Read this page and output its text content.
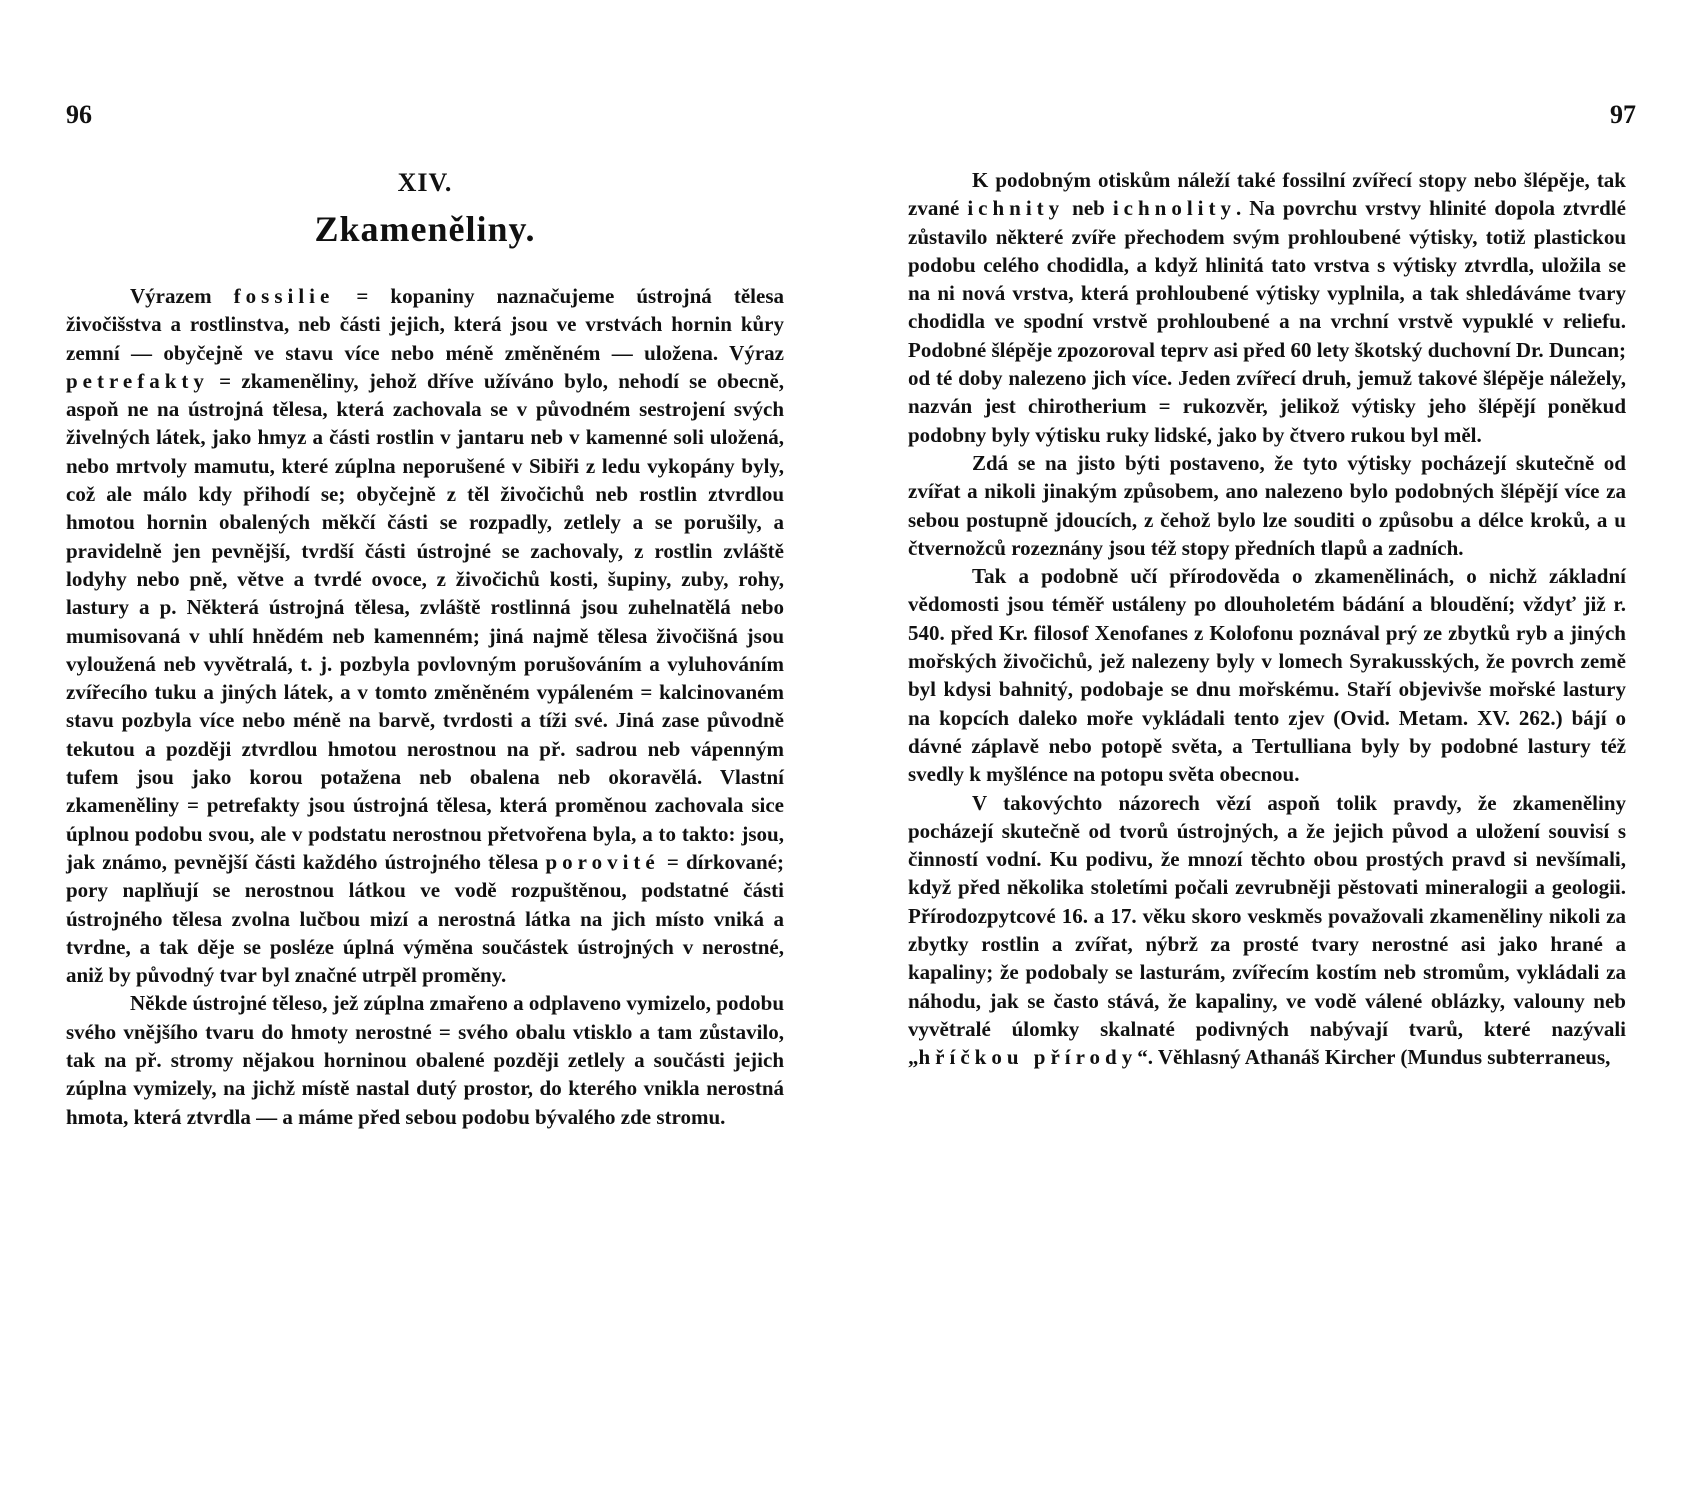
96
XIV.
Zkameněliny.

Výrazem fossilie = kopaniny naznačujeme ústrojná tělesa živočišstva a rostlinstva, neb části jejich, která jsou ve vrstvách hornin kůry zemní — obyčejně ve stavu více nebo méně změněném — uložena. Výraz petrefakty = zkameněliny, jehož dříve užíváno bylo, nehodí se obecně, aspoň ne na ústrojná tělesa, která zachovala se v původném sestrojení svých živelných látek, jako hmyz a části rostlin v jantaru neb v kamenné soli uložená, nebo mrtvoly mamutu, které zúplna neporušené v Sibiři z ledu vykopány byly, což ale málo kdy přihodí se; obyčejně z těl živočichů neb rostlin ztvrdlou hmotou hornin obalených měkčí části se rozpadly, zetlely a se porušily, a pravidelně jen pevnější, tvrdší části ústrojné se zachovaly, z rostlin zvláště lodyhy nebo pně, větve a tvrdé ovoce, z živočichů kosti, šupiny, zuby, rohy, lastury a p. Některá ústrojná tělesa, zvláště rostlinná jsou zuhelnatělá nebo mumisovaná v uhlí hnědém neb kamenném; jiná najmě tělesa živočišná jsou vyloužená neb vyvětralá, t. j. pozbyla povlovným porušováním a vyluhováním zvířecího tuku a jiných látek, a v tomto změněném vypáleném = kalcinovaném stavu pozbyla více nebo méně na barvě, tvrdosti a tíži své. Jiná zase původně tekutou a později ztvrdlou hmotou nerostnou na př. sadrou neb vápenným tufem jsou jako korou potažena neb obalena neb okoravělá. Vlastní zkameněliny = petrefakty jsou ústrojná tělesa, která proměnou zachovala sice úplnou podobu svou, ale v podstatu nerostnou přetvořena byla, a to takto: jsou, jak známo, pevnější části každého ústrojného tělesa porovité = dírkované; pory naplňují se nerostnou látkou ve vodě rozpuštěnou, podstatné části ústrojného tělesa zvolna lučbou mizí a nerostná látka na jich místo vniká a tvrdne, a tak děje se posléze úplná výměna součástek ústrojných v nerostné, aniž by původný tvar byl značné utrpěl proměny.

Někde ústrojné těleso, jež zúplna zmařeno a odplaveno vymizelo, podobu svého vnějšího tvaru do hmoty nerostné = svého obalu vtisklo a tam zůstavilo, tak na př. stromy nějakou horninou obalené později zetlely a součásti jejich zúplna vymizely, na jichž místě nastal dutý prostor, do kterého vnikla nerostná hmota, která ztvrdla — a máme před sebou podobu bývalého zde stromu.

97

K podobným otiskům náleží také fossilní zvířecí stopy nebo šlépěje, tak zvané ichnity neb ichnolity. Na povrchu vrstvy hlinité dopola ztvrdlé zůstavilo některé zvíře přechodem svým prohloubené výtisky, totiž plastickou podobu celého chodidla, a když hlinitá tato vrstva s výtisky ztvrdla, uložila se na ni nová vrstva, která prohloubené výtisky vyplnila, a tak shledáváme tvary chodidla ve spodní vrstvě prohloubené a na vrchní vrstvě vypuklé v reliefu. Podobné šlépěje zpozoroval teprv asi před 60 lety škotský duchovní Dr. Duncan; od té doby nalezeno jich více. Jeden zvířecí druh, jemuž takové šlépěje náležely, nazván jest chirotherium = rukozvěr, jelikož výtisky jeho šlépějí poněkud podobny byly výtisku ruky lidské, jako by čtvero rukou byl měl.

Zdá se na jisto býti postaveno, že tyto výtisky pocházejí skutečně od zvířat a nikoli jinakým způsobem, ano nalezeno bylo podobných šlépějí více za sebou postupně jdoucích, z čehož bylo lze souditi o způsobu a délce kroků, a u čtvernožců rozeznány jsou též stopy předních tlapů a zadních.

Tak a podobně učí přírodověda o zkamenělinách, o nichž základní vědomosti jsou téměř ustáleny po dlouholetém bádání a bloudění; vždyť již r. 540. před Kr. filosof Xenofanes z Kolofonu poznával prý ze zbytků ryb a jiných mořských živočichů, jež nalezeny byly v lomech Syrakusských, že povrch země byl kdysi bahnitý, podobaje se dnu mořskému. Staří objevivše mořské lastury na kopcích daleko moře vykládali tento zjev (Ovid. Metam. XV. 262.) bájí o dávné záplavě nebo potopě světa, a Tertulliana byly by podobné lastury též svedly k myšlénce na potopu světa obecnou.

V takovýchto názorech vězí aspoň tolik pravdy, že zkameněliny pocházejí skutečně od tvorů ústrojných, a že jejich původ a uložení souvisí s činností vodní. Ku podivu, že mnozí těchto obou prostých pravd si nevšímali, když před několika stoletími počali zevrubněji pěstovati mineralogii a geologii. Přírodozpytcové 16. a 17. věku skoro veskměs považovali zkameněliny nikoli za zbytky rostlin a zvířat, nýbrž za prosté tvary nerostné asi jako hrané a kapaliny; že podobaly se lasturám, zvířecím kostím neb stromům, vykládali za náhodu, jak se často stává, že kapaliny, ve vodě válené oblázky, valouny neb vyvětralé úlomky skalnaté podivných nabývají tvarů, které nazývali „hříčkou přírody“. Věhlasný Athanáš Kircher (Mundus subterraneus,
